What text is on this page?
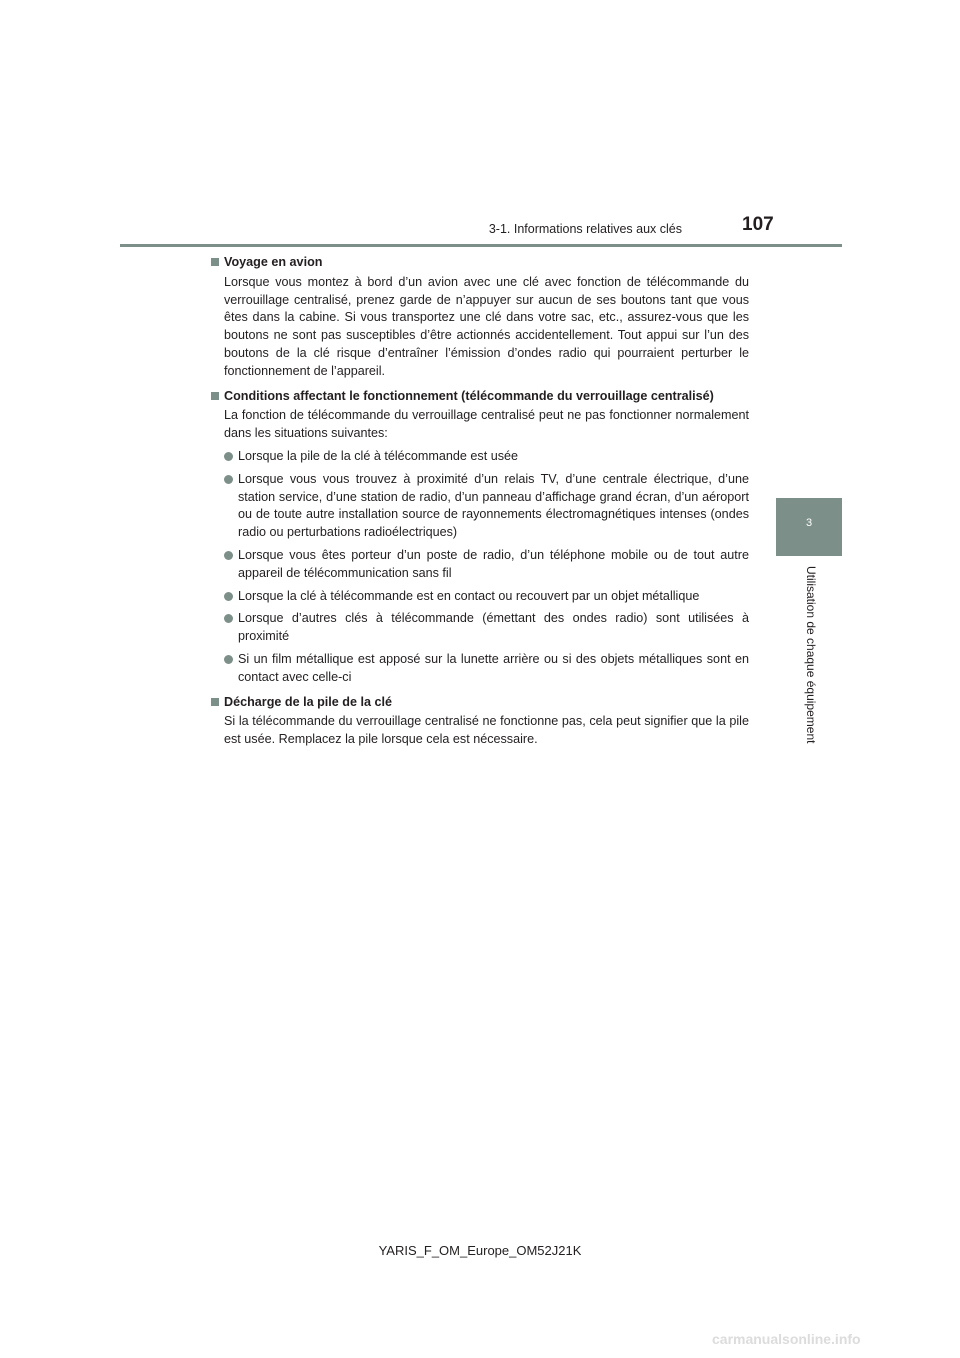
3-1. Informations relatives aux clés	107
3
Utilisation de chaque équipement
Voyage en avion
Lorsque vous montez à bord d’un avion avec une clé avec fonction de télécommande du verrouillage centralisé, prenez garde de n’appuyer sur aucun de ses boutons tant que vous êtes dans la cabine. Si vous transportez une clé dans votre sac, etc., assurez-vous que les boutons ne sont pas susceptibles d’être actionnés accidentellement. Tout appui sur l’un des boutons de la clé risque d’entraîner l’émission d’ondes radio qui pourraient perturber le fonctionnement de l’appareil.
Conditions affectant le fonctionnement (télécommande du verrouillage centralisé)
La fonction de télécommande du verrouillage centralisé peut ne pas fonctionner normalement dans les situations suivantes:
Lorsque la pile de la clé à télécommande est usée
Lorsque vous vous trouvez à proximité d’un relais TV, d’une centrale électrique, d’une station service, d’une station de radio, d’un panneau d’affichage grand écran, d’un aéroport ou de toute autre installation source de rayonnements électromagnétiques intenses (ondes radio ou perturbations radioélectriques)
Lorsque vous êtes porteur d’un poste de radio, d’un téléphone mobile ou de tout autre appareil de télécommunication sans fil
Lorsque la clé à télécommande est en contact ou recouvert par un objet métallique
Lorsque d’autres clés à télécommande (émettant des ondes radio) sont utilisées à proximité
Si un film métallique est apposé sur la lunette arrière ou si des objets métalliques sont en contact avec celle-ci
Décharge de la pile de la clé
Si la télécommande du verrouillage centralisé ne fonctionne pas, cela peut signifier que la pile est usée. Remplacez la pile lorsque cela est nécessaire.
YARIS_F_OM_Europe_OM52J21K
carmanualsonline.info
